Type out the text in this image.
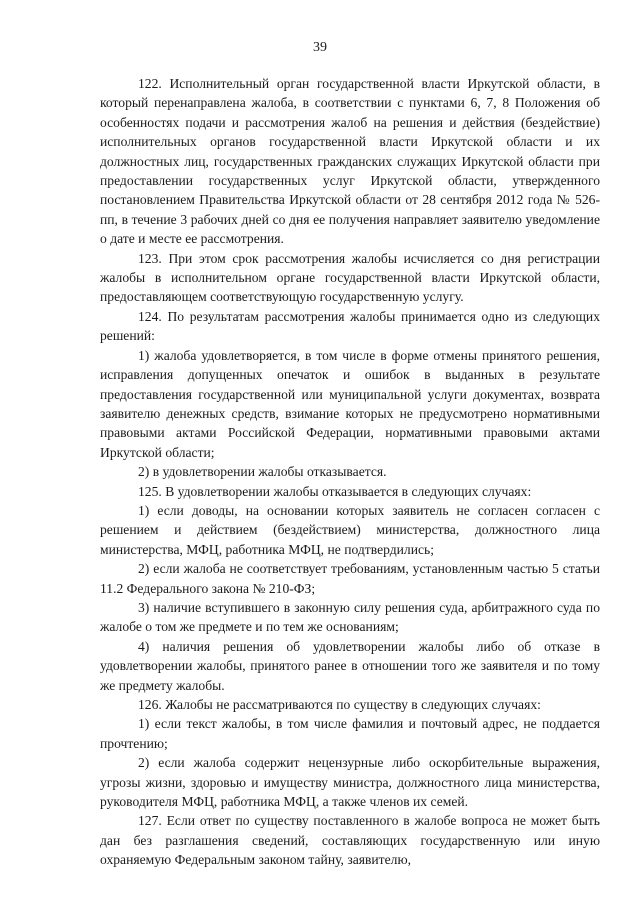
39

122. Исполнительный орган государственной власти Иркутской области, в который перенаправлена жалоба, в соответствии с пунктами 6, 7, 8 Положения об особенностях подачи и рассмотрения жалоб на решения и действия (бездействие) исполнительных органов государственной власти Иркутской области и их должностных лиц, государственных гражданских служащих Иркутской области при предоставлении государственных услуг Иркутской области, утвержденного постановлением Правительства Иркутской области от 28 сентября 2012 года № 526-пп, в течение 3 рабочих дней со дня ее получения направляет заявителю уведомление о дате и месте ее рассмотрения.

123. При этом срок рассмотрения жалобы исчисляется со дня регистрации жалобы в исполнительном органе государственной власти Иркутской области, предоставляющем соответствующую государственную услугу.

124. По результатам рассмотрения жалобы принимается одно из следующих решений:

1) жалоба удовлетворяется, в том числе в форме отмены принятого решения, исправления допущенных опечаток и ошибок в выданных в результате предоставления государственной или муниципальной услуги документах, возврата заявителю денежных средств, взимание которых не предусмотрено нормативными правовыми актами Российской Федерации, нормативными правовыми актами Иркутской области;

2) в удовлетворении жалобы отказывается.

125. В удовлетворении жалобы отказывается в следующих случаях:

1) если доводы, на основании которых заявитель не согласен согласен с решением и действием (бездействием) министерства, должностного лица министерства, МФЦ, работника МФЦ, не подтвердились;

2) если жалоба не соответствует требованиям, установленным частью 5 статьи 11.2 Федерального закона № 210-ФЗ;

3) наличие вступившего в законную силу решения суда, арбитражного суда по жалобе о том же предмете и по тем же основаниям;

4) наличия решения об удовлетворении жалобы либо об отказе в удовлетворении жалобы, принятого ранее в отношении того же заявителя и по тому же предмету жалобы.

126. Жалобы не рассматриваются по существу в следующих случаях:

1) если текст жалобы, в том числе фамилия и почтовый адрес, не поддается прочтению;

2) если жалоба содержит нецензурные либо оскорбительные выражения, угрозы жизни, здоровью и имуществу министра, должностного лица министерства, руководителя МФЦ, работника МФЦ, а также членов их семей.

127. Если ответ по существу поставленного в жалобе вопроса не может быть дан без разглашения сведений, составляющих государственную или иную охраняемую Федеральным законом тайну, заявителю,
